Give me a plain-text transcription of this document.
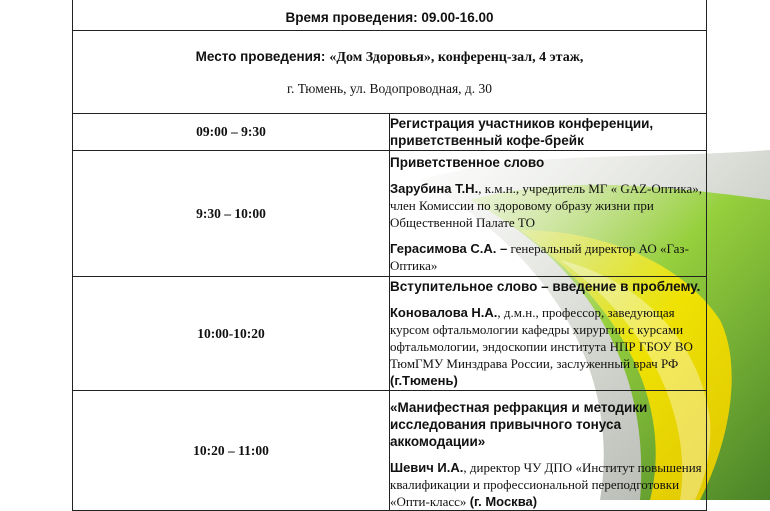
Время проведения: 09.00-16.00	

Место проведения: «Дом Здоровья», конференц-зал, 4 этаж,

г. Тюмень, ул. Водопроводная, д. 30	

09:00 – 9:30	Регистрация участников конференции, приветственный кофе-брейк
9:30 – 10:00	Приветственное слово

Зарубина Т.Н., к.м.н., учредитель МГ « GAZ-Оптика», член Комиссии по здоровому образу жизни при Общественной Палате ТО

Герасимова С.А. – генеральный директор АО «Газ-Оптика»

10:00-10:20	Вступительное слово – введение в проблему.

Коновалова Н.А., д.м.н., профессор, заведующая курсом офтальмологии кафедры хирургии с курсами офтальмологии, эндоскопии института НПР ГБОУ ВО ТюмГМУ Минздрава России, заслуженный врач РФ (г.Тюмень)

10:20 – 11:00	«Манифестная рефракция и методики исследования привычного тонуса аккомодации»

Шевич И.А., директор ЧУ ДПО «Институт повышения квалификации и профессиональной переподготовки «Опти-класс» (г. Москва)
